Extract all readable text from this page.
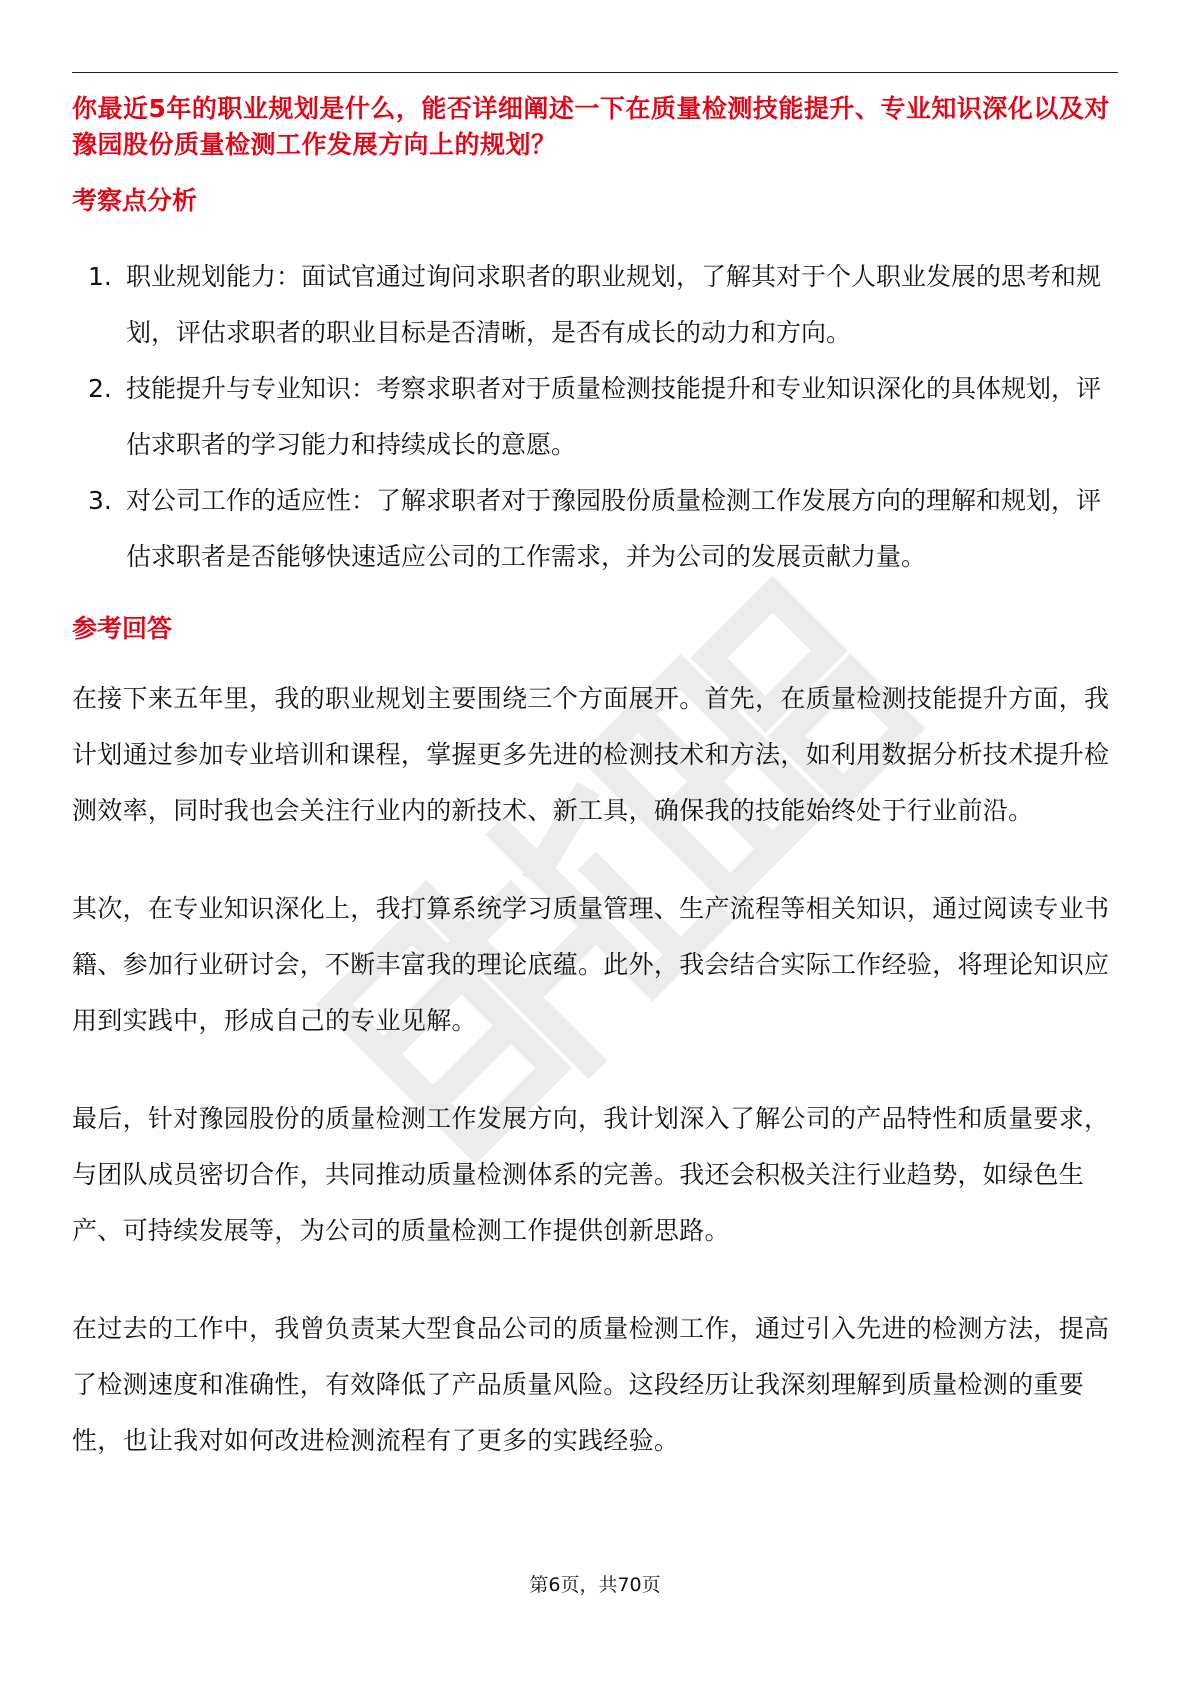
你最近5年的职业规划是什么，能否详细阐述一下在质量检测技能提升、专业知识深化以及对豫园股份质量检测工作发展方向上的规划？

考察点分析
1. 职业规划能力：面试官通过询问求职者的职业规划，了解其对于个人职业发展的思考和规划，评估求职者的职业目标是否清晰，是否有成长的动力和方向。
2. 技能提升与专业知识：考察求职者对于质量检测技能提升和专业知识深化的具体规划，评估求职者的学习能力和持续成长的意愿。
3. 对公司工作的适应性：了解求职者对于豫园股份质量检测工作发展方向的理解和规划，评估求职者是否能够快速适应公司的工作需求，并为公司的发展贡献力量。
参考回答

在接下来五年里，我的职业规划主要围绕三个方面展开。首先，在质量检测技能提升方面，我计划通过参加专业培训和课程，掌握更多先进的检测技术和方法，如利用数据分析技术提升检测效率，同时我也会关注行业内的新技术、新工具，确保我的技能始终处于行业前沿。

其次，在专业知识深化上，我打算系统学习质量管理、生产流程等相关知识，通过阅读专业书籍、参加行业研讨会，不断丰富我的理论底蕴。此外，我会结合实际工作经验，将理论知识应用到实践中，形成自己的专业见解。

最后，针对豫园股份的质量检测工作发展方向，我计划深入了解公司的产品特性和质量要求，与团队成员密切合作，共同推动质量检测体系的完善。我还会积极关注行业趋势，如绿色生产、可持续发展等，为公司的质量检测工作提供创新思路。

在过去的工作中，我曾负责某大型食品公司的质量检测工作，通过引入先进的检测方法，提高了检测速度和准确性，有效降低了产品质量风险。这段经历让我深刻理解到质量检测的重要性，也让我对如何改进检测流程有了更多的实践经验。

第6页，共70页
